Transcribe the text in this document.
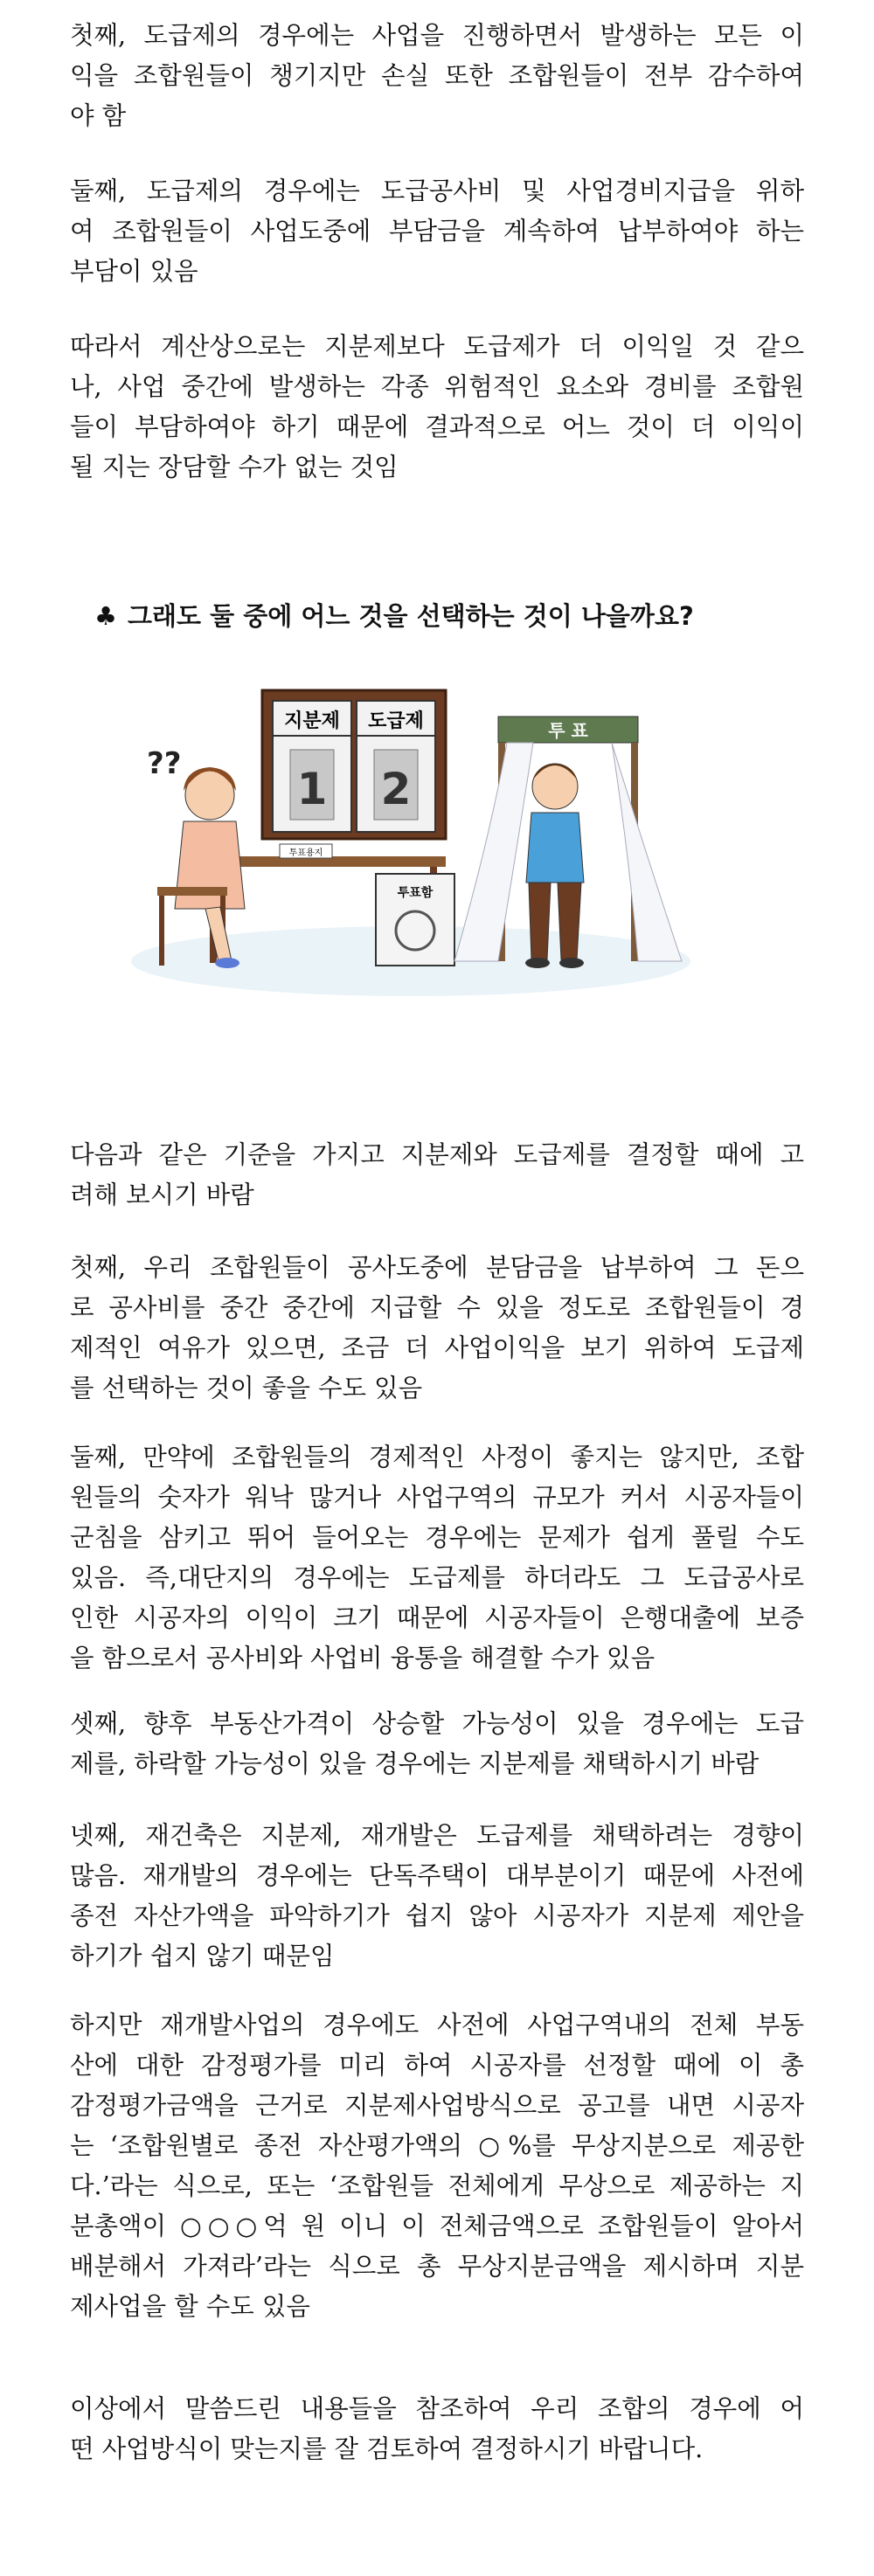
첫째, 도급제의 경우에는 사업을 진행하면서 발생하는 모든 이
익을 조합원들이 챙기지만 손실 또한 조합원들이 전부 감수하여
야 함

둘째, 도급제의 경우에는 도급공사비 및 사업경비지급을 위하
여 조합원들이 사업도중에 부담금을 계속하여 납부하여야 하는
부담이 있음

따라서 계산상으로는 지분제보다 도급제가 더 이익일 것 같으
나, 사업 중간에 발생하는 각종 위험적인 요소와 경비를 조합원
들이 부담하여야 하기 때문에 결과적으로 어느 것이 더 이익이
될 지는 장담할 수가 없는 것임

♣ 그래도 둘 중에 어느 것을 선택하는 것이 나을까요?
지분제 도급제
1 2
투표용지
투표함
??
투 표

다음과 같은 기준을 가지고 지분제와 도급제를 결정할 때에 고
려해 보시기 바람

첫째, 우리 조합원들이 공사도중에 분담금을 납부하여 그 돈으
로 공사비를 중간 중간에 지급할 수 있을 정도로 조합원들이 경
제적인 여유가 있으면, 조금 더 사업이익을 보기 위하여 도급제
를 선택하는 것이 좋을 수도 있음

둘째, 만약에 조합원들의 경제적인 사정이 좋지는 않지만, 조합
원들의 숫자가 워낙 많거나 사업구역의 규모가 커서 시공자들이
군침을 삼키고 뛰어 들어오는 경우에는 문제가 쉽게 풀릴 수도
있음. 즉,대단지의 경우에는 도급제를 하더라도 그 도급공사로
인한 시공자의 이익이 크기 때문에 시공자들이 은행대출에 보증
을 함으로서 공사비와 사업비 융통을 해결할 수가 있음

셋째, 향후 부동산가격이 상승할 가능성이 있을 경우에는 도급
제를, 하락할 가능성이 있을 경우에는 지분제를 채택하시기 바람

넷째, 재건축은 지분제, 재개발은 도급제를 채택하려는 경향이
많음. 재개발의 경우에는 단독주택이 대부분이기 때문에 사전에
종전 자산가액을 파악하기가 쉽지 않아 시공자가 지분제 제안을
하기가 쉽지 않기 때문임

하지만 재개발사업의 경우에도 사전에 사업구역내의 전체 부동
산에 대한 감정평가를 미리 하여 시공자를 선정할 때에 이 총
감정평가금액을 근거로 지분제사업방식으로 공고를 내면 시공자
는 ‘조합원별로 종전 자산평가액의 ○%를 무상지분으로 제공한
다.’라는 식으로, 또는 ‘조합원들 전체에게 무상으로 제공하는 지
분총액이 ○○○억 원 이니 이 전체금액으로 조합원들이 알아서
배분해서 가져라’라는 식으로 총 무상지분금액을 제시하며 지분
제사업을 할 수도 있음

이상에서 말씀드린 내용들을 참조하여 우리 조합의 경우에 어
떤 사업방식이 맞는지를 잘 검토하여 결정하시기 바랍니다.
